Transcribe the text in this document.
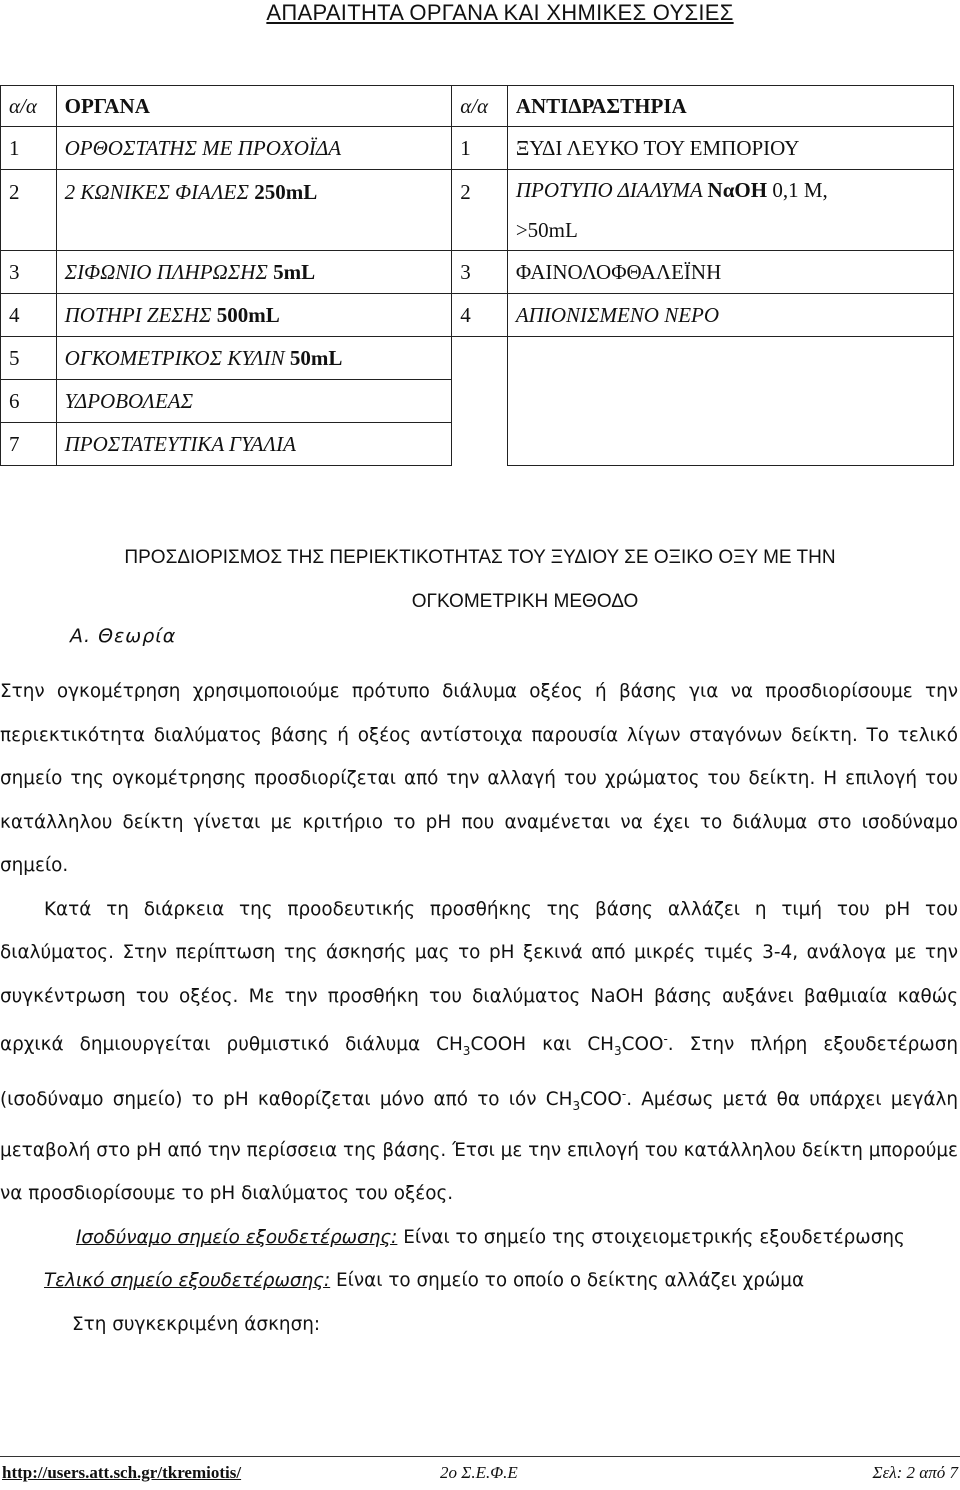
ΑΠΑΡΑΙΤΗΤΑ ΟΡΓΑΝΑ ΚΑΙ ΧΗΜΙΚΕΣ ΟΥΣΙΕΣ
α/α	ΟΡΓΑΝΑ	α/α	ΑΝΤΙΔΡΑΣΤΗΡΙΑ
1	ΟΡΘΟΣΤΑΤΗΣ ΜΕ ΠΡΟΧΟΪΔΑ	1	ΞΥΔΙ ΛΕΥΚΟ ΤΟΥ ΕΜΠΟΡΙΟΥ
2	2 ΚΩΝΙΚΕΣ ΦΙΑΛΕΣ 250mL	2	ΠΡΟΤΥΠΟ ΔΙΑΛΥΜΑ NαOH 0,1 M,
>50mL
3	ΣΙΦΩΝΙΟ ΠΛΗΡΩΣΗΣ 5mL	3	ΦΑΙΝΟΛΟΦΘΑΛΕΪΝΗ
4	ΠΟΤΗΡΙ ΖΕΣΗΣ 500mL	4	ΑΠΙΟΝΙΣΜΕΝΟ ΝΕΡΟ
5	ΟΓΚΟΜΕΤΡΙΚΟΣ ΚΥΛΙΝ 50mL		
6	ΥΔΡΟΒΟΛΕΑΣ		
7	ΠΡΟΣΤΑΤΕΥΤΙΚΑ ΓΥΑΛΙΑ		
ΠΡΟΣΔΙΟΡΙΣΜΟΣ ΤΗΣ ΠΕΡΙΕΚΤΙΚΟΤΗΤΑΣ ΤΟΥ ΞΥΔΙΟΥ ΣΕ ΟΞΙΚΟ ΟΞΥ ΜΕ ΤΗΝ
ΟΓΚΟΜΕΤΡΙΚΗ ΜΕΘΟΔΟ
Α. Θεωρία

Στην ογκομέτρηση χρησιμοποιούμε πρότυπο διάλυμα οξέος ή βάσης για να προσδιορίσουμε την περιεκτικότητα διαλύματος βάσης ή οξέος αντίστοιχα παρουσία λίγων σταγόνων δείκτη. Το τελικό σημείο της ογκομέτρησης προσδιορίζεται από την αλλαγή του χρώματος του δείκτη. Η επιλογή του κατάλληλου δείκτη γίνεται με κριτήριο το pH που αναμένεται να έχει το διάλυμα στο ισοδύναμο σημείο.

Κατά τη διάρκεια της προοδευτικής προσθήκης της βάσης αλλάζει η τιμή του pH του διαλύματος. Στην περίπτωση της άσκησής μας το pH ξεκινά από μικρές τιμές 3-4, ανάλογα με την συγκέντρωση του οξέος. Με την προσθήκη του διαλύματος NaOH βάσης αυξάνει βαθμιαία καθώς αρχικά δημιουργείται ρυθμιστικό διάλυμα $CH_3COOH$ και $CH_3COO^-$. Στην πλήρη εξουδετέρωση (ισοδύναμο σημείο) το pH καθορίζεται μόνο από το ιόν $CH_3COO^-$. Αμέσως μετά θα υπάρχει μεγάλη μεταβολή στο pH από την περίσσεια της βάσης. Έτσι με την επιλογή του κατάλληλου δείκτη μπορούμε να προσδιορίσουμε το pH διαλύματος του οξέος.

Ισοδύναμο σημείο εξουδετέρωσης: Είναι το σημείο της στοιχειομετρικής εξουδετέρωσης

Τελικό σημείο εξουδετέρωσης: Είναι το σημείο το οποίο ο δείκτης αλλάζει χρώμα

Στη συγκεκριμένη άσκηση:

http://users.att.sch.gr/tkremiotis/	2ο Σ.Ε.Φ.Ε	Σελ: 2 από 7
